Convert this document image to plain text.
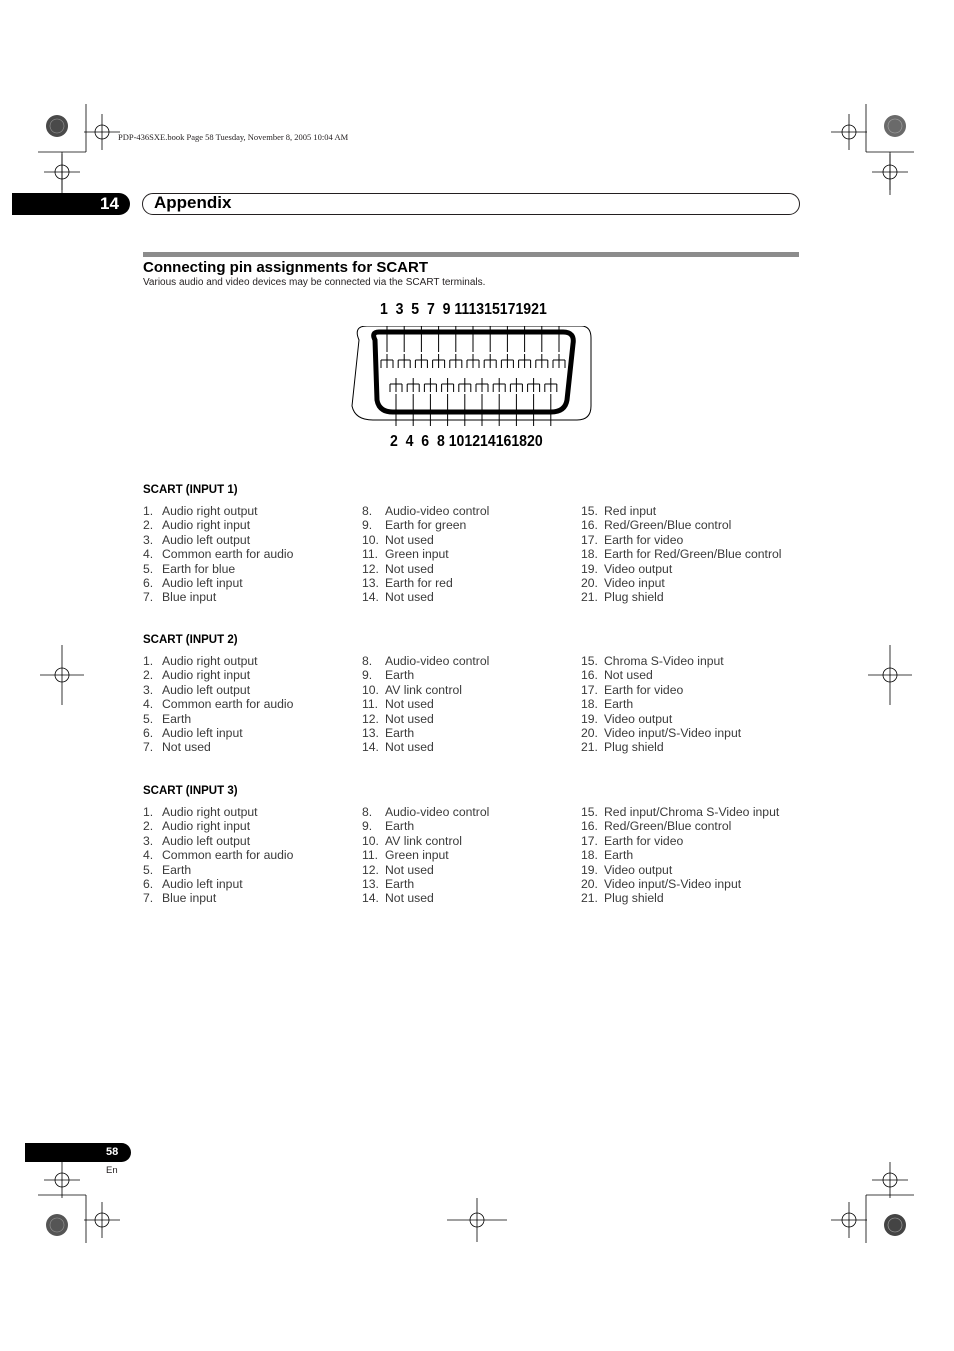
PDP-436SXE.book Page 58 Tuesday, November 8, 2005 10:04 AM
14 Appendix
Connecting pin assignments for SCART
Various audio and video devices may be connected via the SCART terminals.
1  3  5  7  9 111315171921
2  4  6  8 101214161820
SCART (INPUT 1)
1. Audio right output
2. Audio right input
3. Audio left output
4. Common earth for audio
5. Earth for blue
6. Audio left input
7. Blue input
8.	Audio-video control
9.	Earth for green
10. Not used
11. Green input
12. Not used
13. Earth for red
14. Not used
15. Red input
16. Red/Green/Blue control
17. Earth for video
18. Earth for Red/Green/Blue control
19. Video output
20. Video input
21. Plug shield
SCART (INPUT 2)
1. Audio right output
2. Audio right input
3. Audio left output
4. Common earth for audio
5. Earth
6. Audio left input
7. Not used
8.	Audio-video control
9.	Earth
10. AV link control
11. Not used
12. Not used
13. Earth
14. Not used
15. Chroma S-Video input
16. Not used
17. Earth for video
18. Earth
19. Video output
20. Video input/S-Video input
21. Plug shield
SCART (INPUT 3)
1. Audio right output
2. Audio right input
3. Audio left output
4. Common earth for audio
5. Earth
6. Audio left input
7. Blue input
8.	Audio-video control
9.	Earth
10. AV link control
11. Green input
12. Not used
13. Earth
14. Not used
15. Red input/Chroma S-Video input
16. Red/Green/Blue control
17. Earth for video
18. Earth
19. Video output
20. Video input/S-Video input
21. Plug shield
58
En
